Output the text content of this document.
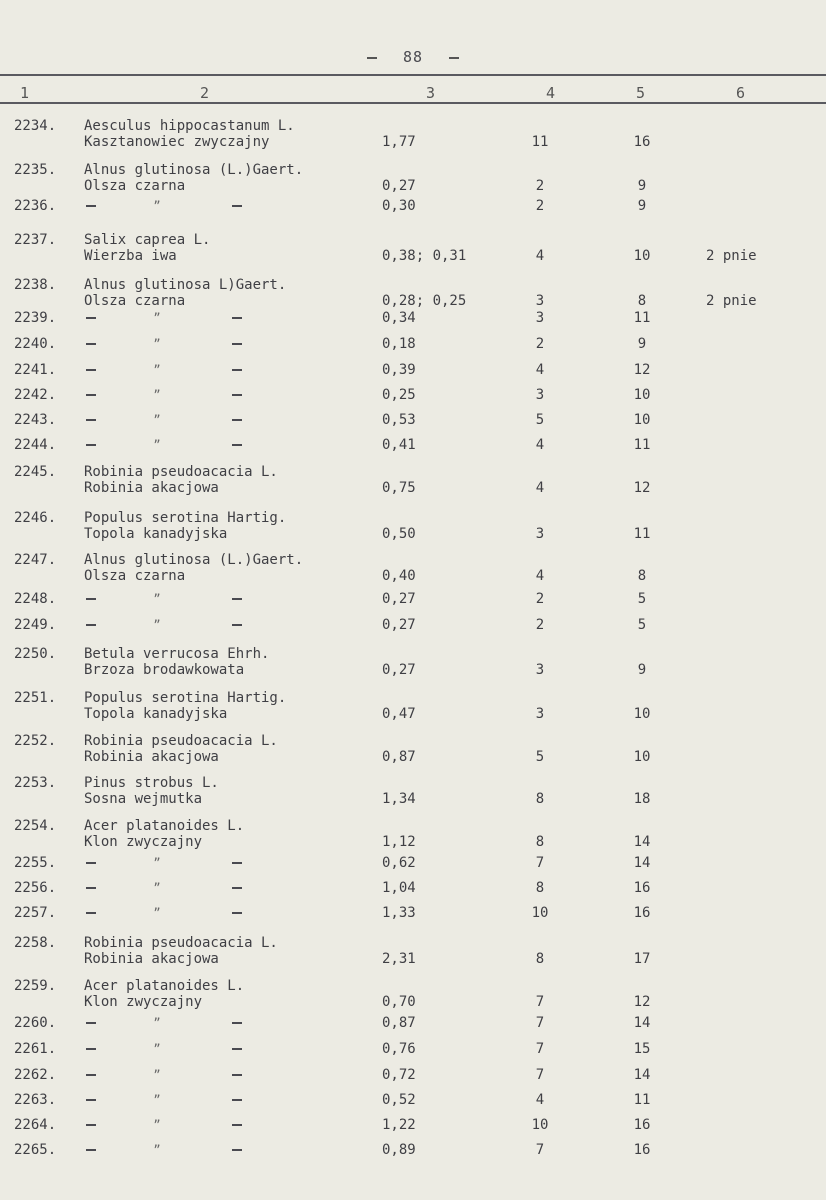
88
1	2	3	4	5	6
2234.	Aesculus hippocastanum L.
Kasztanowiec zwyczajny	1,77	11	16
2235.	Alnus glutinosa (L.)Gaert.
Olsza czarna	0,27	2	9
2236.	”	0,30	2	9
2237.	Salix caprea L.
Wierzba iwa	0,38; 0,31	4	10	2 pnie
2238.	Alnus glutinosa L)Gaert.
Olsza czarna	0,28; 0,25	3	8	2 pnie
2239.	”	0,34	3	11
2240.	”	0,18	2	9
2241.	”	0,39	4	12
2242.	”	0,25	3	10
2243.	”	0,53	5	10
2244.	”	0,41	4	11
2245.	Robinia pseudoacacia L.
Robinia akacjowa	0,75	4	12
2246.	Populus serotina Hartig.
Topola kanadyjska	0,50	3	11
2247.	Alnus glutinosa (L.)Gaert.
Olsza czarna	0,40	4	8
2248.	”	0,27	2	5
2249.	”	0,27	2	5
2250.	Betula verrucosa Ehrh.
Brzoza brodawkowata	0,27	3	9
2251.	Populus serotina Hartig.
Topola kanadyjska	0,47	3	10
2252.	Robinia pseudoacacia L.
Robinia akacjowa	0,87	5	10
2253.	Pinus strobus L.
Sosna wejmutka	1,34	8	18
2254.	Acer platanoides L.
Klon zwyczajny	1,12	8	14
2255.	”	0,62	7	14
2256.	”	1,04	8	16
2257.	”	1,33	10	16
2258.	Robinia pseudoacacia L.
Robinia akacjowa	2,31	8	17
2259.	Acer platanoides L.
Klon zwyczajny	0,70	7	12
2260.	”	0,87	7	14
2261.	”	0,76	7	15
2262.	”	0,72	7	14
2263.	”	0,52	4	11
2264.	”	1,22	10	16
2265.	”	0,89	7	16
